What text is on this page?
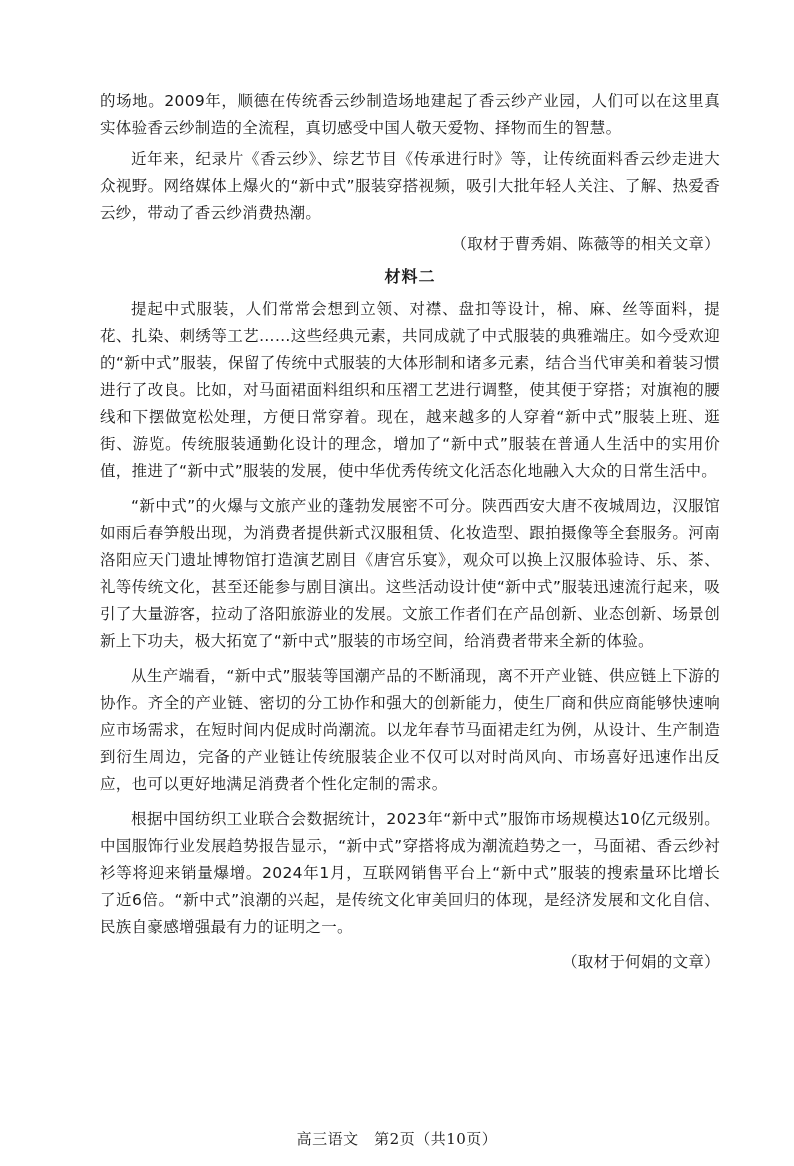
的场地。2009年，顺德在传统香云纱制造场地建起了香云纱产业园，人们可以在这里真实体验香云纱制造的全流程，真切感受中国人敬天爱物、择物而生的智慧。

近年来，纪录片《香云纱》、综艺节目《传承进行时》等，让传统面料香云纱走进大众视野。网络媒体上爆火的“新中式”服装穿搭视频，吸引大批年轻人关注、了解、热爱香云纱，带动了香云纱消费热潮。

（取材于曹秀娟、陈薇等的相关文章）

材料二

提起中式服装，人们常常会想到立领、对襟、盘扣等设计，棉、麻、丝等面料，提花、扎染、刺绣等工艺……这些经典元素，共同成就了中式服装的典雅端庄。如今受欢迎的“新中式”服装，保留了传统中式服装的大体形制和诸多元素，结合当代审美和着装习惯进行了改良。比如，对马面裙面料组织和压褶工艺进行调整，使其便于穿搭；对旗袍的腰线和下摆做宽松处理，方便日常穿着。现在，越来越多的人穿着“新中式”服装上班、逛街、游览。传统服装通勤化设计的理念，增加了“新中式”服装在普通人生活中的实用价值，推进了“新中式”服装的发展，使中华优秀传统文化活态化地融入大众的日常生活中。

“新中式”的火爆与文旅产业的蓬勃发展密不可分。陕西西安大唐不夜城周边，汉服馆如雨后春笋般出现，为消费者提供新式汉服租赁、化妆造型、跟拍摄像等全套服务。河南洛阳应天门遗址博物馆打造演艺剧目《唐宫乐宴》，观众可以换上汉服体验诗、乐、茶、礼等传统文化，甚至还能参与剧目演出。这些活动设计使“新中式”服装迅速流行起来，吸引了大量游客，拉动了洛阳旅游业的发展。文旅工作者们在产品创新、业态创新、场景创新上下功夫，极大拓宽了“新中式”服装的市场空间，给消费者带来全新的体验。

从生产端看，“新中式”服装等国潮产品的不断涌现，离不开产业链、供应链上下游的协作。齐全的产业链、密切的分工协作和强大的创新能力，使生厂商和供应商能够快速响应市场需求，在短时间内促成时尚潮流。以龙年春节马面裙走红为例，从设计、生产制造到衍生周边，完备的产业链让传统服装企业不仅可以对时尚风向、市场喜好迅速作出反应，也可以更好地满足消费者个性化定制的需求。

根据中国纺织工业联合会数据统计，2023年“新中式”服饰市场规模达10亿元级别。中国服饰行业发展趋势报告显示，“新中式”穿搭将成为潮流趋势之一，马面裙、香云纱衬衫等将迎来销量爆增。2024年1月，互联网销售平台上“新中式”服装的搜索量环比增长了近6倍。“新中式”浪潮的兴起，是传统文化审美回归的体现，是经济发展和文化自信、民族自豪感增强最有力的证明之一。

（取材于何娟的文章）

高三语文　第2页（共10页）
